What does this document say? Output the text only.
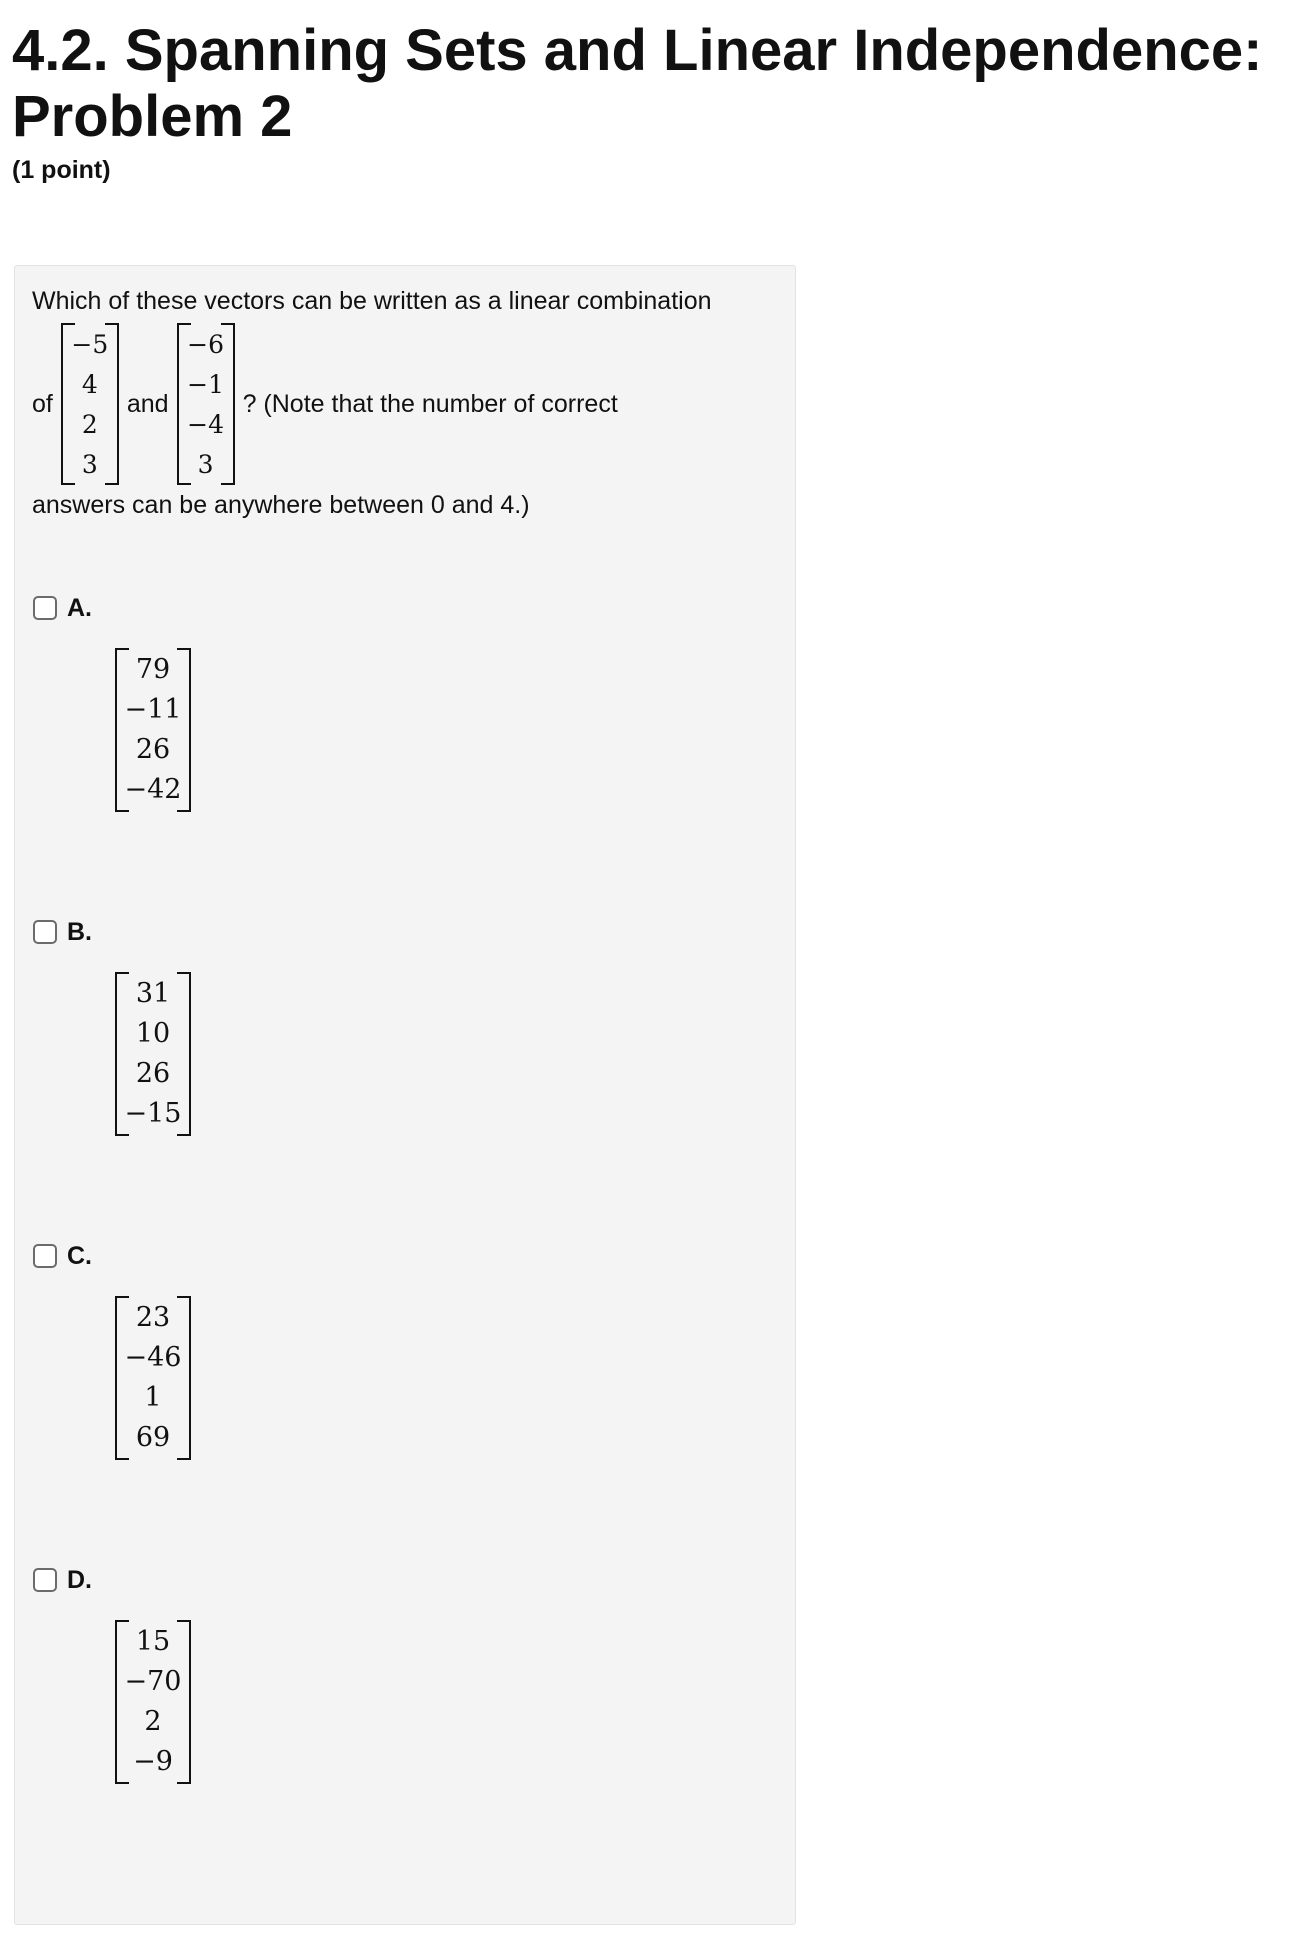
4.2. Spanning Sets and Linear Independence: Problem 2
(1 point)
Which of these vectors can be written as a linear combination
of
−5
4
2
3
and
−6
−1
−4
3
? (Note that the number of correct
answers can be anywhere between 0 and 4.)
A.
79
−11
26
−42
B.
31
10
26
−15
C.
23
−46
1
69
D.
15
−70
2
−9
